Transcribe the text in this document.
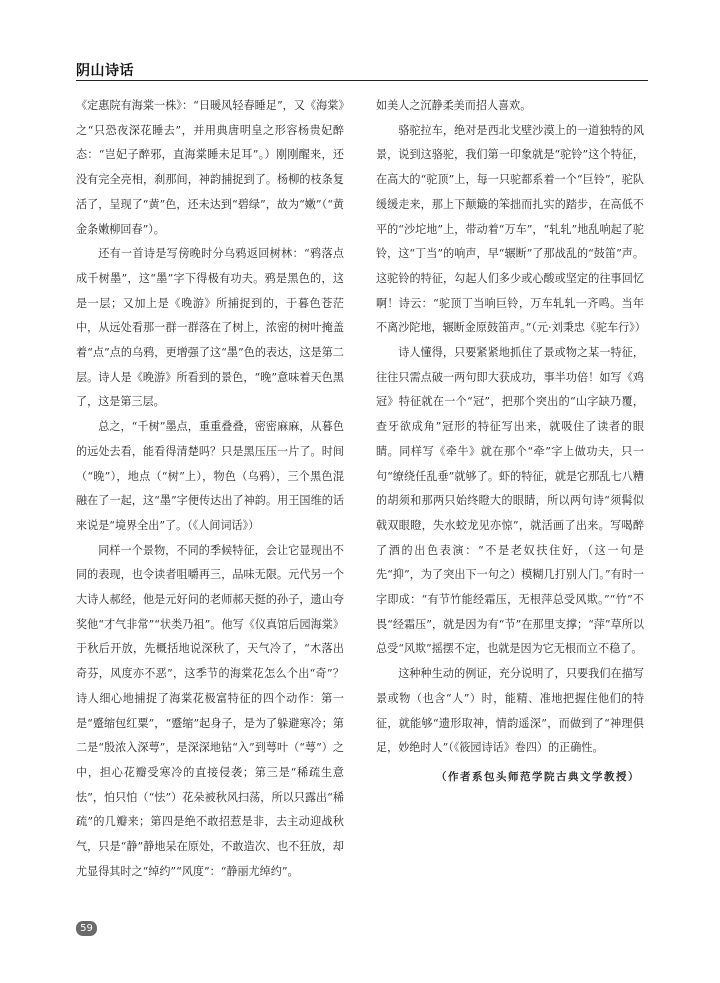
阴山诗话

《定惠院有海棠一株》：“日暖风轻春睡足”，又《海棠》之“只恐夜深花睡去”，并用典唐明皇之形容杨贵妃醉态：“岂妃子醉邪，直海棠睡未足耳”。）刚刚醒来，还没有完全亮相，刹那间，神韵捕捉到了。杨柳的枝条复活了，呈现了“黄”色，还未达到“碧绿”，故为“嫩”（“黄金条嫩柳回春”）。

还有一首诗是写傍晚时分乌鸦返回树林：“鸦落点成千树墨”，这“墨”字下得极有功夫。鸦是黑色的，这是一层；又加上是《晚游》所捕捉到的，于暮色苍茫中，从远处看那一群一群落在了树上，浓密的树叶掩盖着“点”点的乌鸦，更增强了这“墨”色的表达，这是第二层。诗人是《晚游》所看到的景色，“晚”意味着天色黑了，这是第三层。

总之，“千树”墨点，重重叠叠，密密麻麻，从暮色的远处去看，能看得清楚吗？只是黑压压一片了。时间（“晚”），地点（“树”上），物色（乌鸦），三个黑色混融在了一起，这“墨”字便传达出了神韵。用王国维的话来说是“境界全出”了。（《人间词话》）

同样一个景物，不同的季候特征，会让它显现出不同的表现，也令读者咀嚼再三，品味无限。元代另一个大诗人郝经，他是元好问的老师郝天挺的孙子，遗山夸奖他“才气非常”“状类乃祖”。他写《仪真馆后园海棠》于秋后开放，先概括地说深秋了，天气冷了，“木落出奇芬，风度亦不恶”，这季节的海棠花怎么个出“奇”？诗人细心地捕捉了海棠花极富特征的四个动作：第一是“蹙缩包红粟”，“蹙缩”起身子，是为了躲避寒冷；第二是“殷浓入深萼”，是深深地钻“入”到萼叶（“萼”）之中，担心花瓣受寒冷的直接侵袭；第三是“稀疏生意怯”，怕只怕（“怯”）花朵被秋风扫荡，所以只露出“稀疏”的几瓣来；第四是绝不敢招惹是非，去主动迎战秋气，只是“静”静地呆在原处，不敢造次、也不狂放，却尤显得其时之“绰约”“风度”：“静丽尤绰约”。

如美人之沉静柔美而招人喜欢。

骆驼拉车，绝对是西北戈壁沙漠上的一道独特的风景，说到这骆驼，我们第一印象就是“驼铃”这个特征，在高大的“驼顶”上，每一只驼都系着一个“巨铃”，驼队缓缓走来，那上下颠簸的笨拙而扎实的踏步，在高低不平的“沙坨地”上，带动着“万车”，“轧轧”地乱响起了驼铃，这“丁当”的响声，早“辗断”了那战乱的“鼓笛”声。这驼铃的特征，勾起人们多少或心酸或坚定的往事回忆啊！诗云：“驼顶丁当响巨铃，万车轧轧一齐鸣。当年不离沙陀地，辗断金原鼓笛声。”（元·刘秉忠《驼车行》）

诗人懂得，只要紧紧地抓住了景或物之某一特征，往往只需点破一两句即大获成功，事半功倍！如写《鸡冠》特征就在一个“冠”，把那个突出的“山字缺乃覆，查牙欲成角”冠形的特征写出来，就吸住了读者的眼睛。同样写《牵牛》就在那个“牵”字上做功夫，只一句“缭绕任乱垂”就够了。虾的特征，就是它那乱七八糟的胡须和那两只始终瞪大的眼睛，所以两句诗“须髯似戟双眼瞪，失水蛟龙见亦惊”，就活画了出来。写喝醉了酒的出色表演：“不是老奴扶住好，（这一句是先“抑”，为了突出下一句之）模糊几打别人门。”有时一字即成：“有节竹能经霜压，无根萍总受风欺。”“竹”不畏“经霜压”，就是因为有“节”在那里支撑；“萍”草所以总受“风欺”摇摆不定，也就是因为它无根而立不稳了。

这种种生动的例证，充分说明了，只要我们在描写景或物（也含“人”）时，能精、准地把握住他们的特征，就能够“遗形取神，情韵遥深”，而做到了“神理俱足，妙绝时人”（《筱园诗话》卷四）的正确性。

（作者系包头师范学院古典文学教授）

59
